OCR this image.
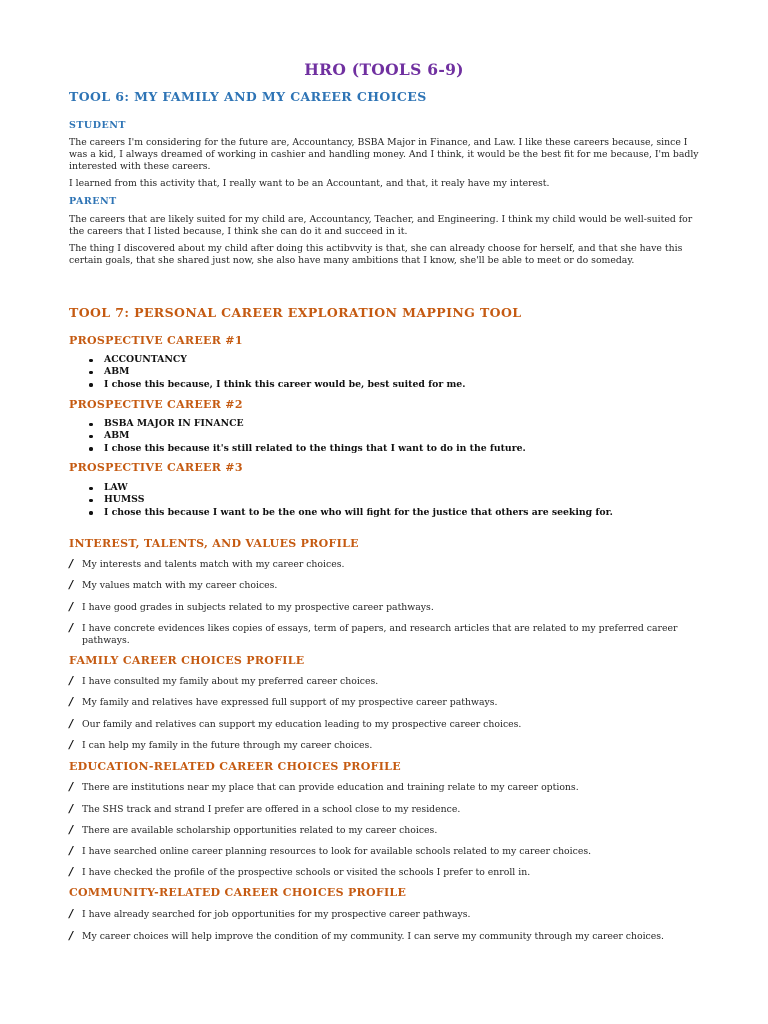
HRO (TOOLS 6-9)
TOOL 6: MY FAMILY AND MY CAREER CHOICES
STUDENT
The careers I'm considering for the future are, Accountancy, BSBA Major in Finance, and Law. I like these careers because, since I was a kid, I always dreamed of working in cashier and handling money. And I think, it would be the best fit for me because, I'm badly interested with these careers.
I learned from this activity that, I really want to be an Accountant, and that, it realy have my interest.
PARENT
The careers that are likely suited for my child are, Accountancy, Teacher, and Engineering. I think my child would be well-suited for the careers that I listed because, I think she can do it and succeed in it.
The thing I discovered about my child after doing this actibvvity is that, she can already choose for herself, and that she have this certain goals, that she shared just now, she also have many ambitions that I know, she'll be able to meet or do someday.
TOOL 7: PERSONAL CAREER EXPLORATION MAPPING TOOL
PROSPECTIVE CAREER #1
ACCOUNTANCY
ABM
I chose this because, I think this career would be, best suited for me.
PROSPECTIVE CAREER #2
BSBA MAJOR IN FINANCE
ABM
I chose this because it's still related to the things that I want to do in the future.
PROSPECTIVE CAREER #3
LAW
HUMSS
I chose this because I want to be the one who will fight for the justice that others are seeking for.
INTEREST, TALENTS, AND VALUES PROFILE
/ My interests and talents match with my career choices.
/ My values match with my career choices.
/ I have good grades in subjects related to my prospective career pathways.
/ I have concrete evidences likes copies of essays, term of papers, and research articles that are related to my preferred career pathways.
FAMILY CAREER CHOICES PROFILE
/ I have consulted my family about my preferred career choices.
/ My family and relatives have expressed full support of my prospective career pathways.
/ Our family and relatives can support my education leading to my prospective career choices.
/ I can help my family in the future through my career choices.
EDUCATION-RELATED CAREER CHOICES PROFILE
/ There are institutions near my place that can provide education and training relate to my career options.
/ The SHS track and strand I prefer are offered in a school close to my residence.
/ There are available scholarship opportunities related to my career choices.
/ I have searched online career planning resources to look for available schools related to my career choices.
/ I have checked the profile of the prospective schools or visited the schools I prefer to enroll in.
COMMUNITY-RELATED CAREER CHOICES PROFILE
/ I have already searched for job opportunities for my prospective career pathways.
/ My career choices will help improve the condition of my community. I can serve my community through my career choices.
